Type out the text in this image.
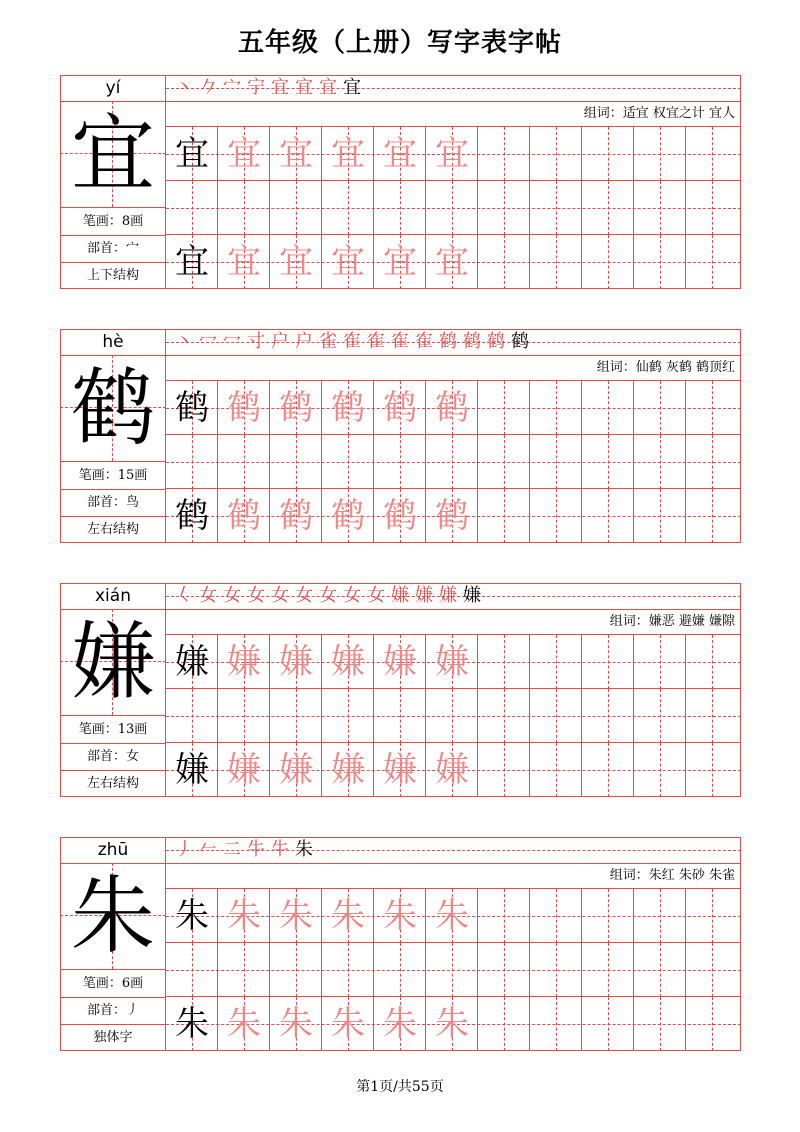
五年级（上册）写字表字帖
yí
宜
笔画：8画
部首：宀
上下结构
丶 𠂊 宀 宁 宜 宜 宜 宜
组词：适宜 权宜之计 宜人
宜 宜 宜 宜 宜 宜
宜 宜 宜 宜 宜 宜
hè
鹤
笔画：15画
部首：鸟
左右结构
丶 冖 冖 寸 户 户 雀 隺 隺 隺 隺 鹤 鹤 鹤 鹤
组词：仙鹤 灰鹤 鹤顶红
鹤 鹤 鹤 鹤 鹤 鹤
鹤 鹤 鹤 鹤 鹤 鹤
xián
嫌
笔画：13画
部首：女
左右结构
𡿨 女 女 女 女 女 女 女 女 嫌 嫌 嫌 嫌
组词：嫌恶 避嫌 嫌隙
嫌 嫌 嫌 嫌 嫌 嫌
嫌 嫌 嫌 嫌 嫌 嫌
zhū
朱
笔画：6画
部首：丿
独体字
丿 𠂉 二 牛 牛 朱
组词：朱红 朱砂 朱雀
朱 朱 朱 朱 朱 朱
朱 朱 朱 朱 朱 朱
第1页/共55页
